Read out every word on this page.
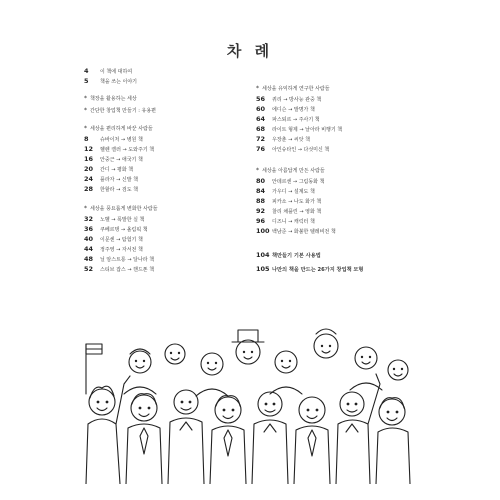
차 례
4	이 책에 대하여
5	책을 쓰는 이야기
* 책장을 활용하는 세상
* 간단한 창업책 만들기 : 유용편
* 세상을 편리하게 바꾼 사람들
8	슈바이처 → 병원 책
12	헬렌 켈러 → 도와주기 책
16	안중근 → 애국기 책
20	간디 → 평화 책
24	플라자 → 신발 책
28	한할라 → 검도 책
* 세상을 풍요롭게 변화한 사람들
32	노벨 → 폭발한 실 책
36	쿠베르탱 → 올림픽 책
40	이문센 → 탐험기 책
44	정주영 → 자서전 책
48	닐 암스트롱 → 달나라 책
52	스티브 잡스 → 핸드폰 책
* 세상을 유익하게 연구한 사람들
56	퀴리 → 방사능 관중 책
60	에디슨 → 발명가 책
64	파스퇴르 → 주사기 책
68	라이트 형제 → 날아라 비행기 책
72	우장춘 → 씨앗 책
76	아인슈타인 → 다섯미신 책
* 세상을 아름답게 만든 사람들
80	안데르센 → 그림동화 책
84	가우디 → 설계도 책
88	피카소 → 나도 화가 책
92	찰리 채플린 → 영화 책
96	디즈니 → 캐릭터 책
100 백남준 → 화불한 텔레비전 책
104 책만들기 기본 사용법
105 나만의 책을 만드는 26가지 창업책 모형
